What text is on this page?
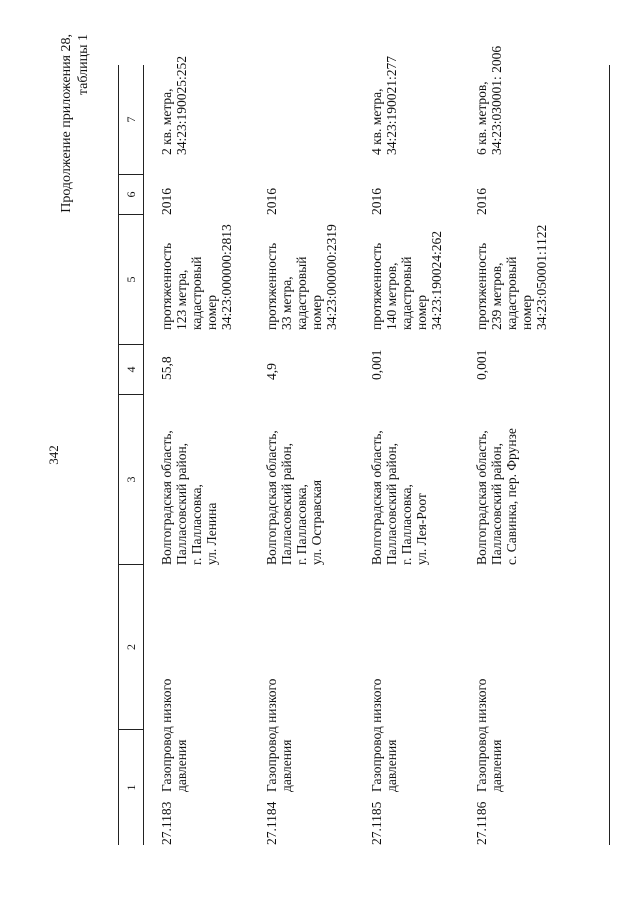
342
Продолжение приложения 28, таблицы 1
1
2
3
4
5
6
7
27.1183
Газопровод низкого
давления
Волгоградская область,
Палласовский район,
г. Палласовка,
ул. Ленина
55,8
протяженность
123 метра,
кадастровый
номер
34:23:000000:2813
2016
2 кв. метра,
34:23:190025:252
27.1184
Газопровод низкого
давления
Волгоградская область,
Палласовский район,
г. Палласовка,
ул. Остравская
4,9
протяженность
33 метра,
кадастровый
номер
34:23:000000:2319
2016
27.1185
Газопровод низкого
давления
Волгоградская область,
Палласовский район,
г. Палласовка,
ул. Лея-Роот
0,001
протяженность
140 метров,
кадастровый
номер
34:23:190024:262
2016
4 кв. метра,
34:23:190021:277
27.1186
Газопровод низкого
давления
Волгоградская область,
Палласовский район,
с. Савинка, пер. Фрунзе
0,001
протяженность
239 метров,
кадастровый
номер
34:23:050001:1122
2016
6 кв. метров,
34:23:030001: 2006
